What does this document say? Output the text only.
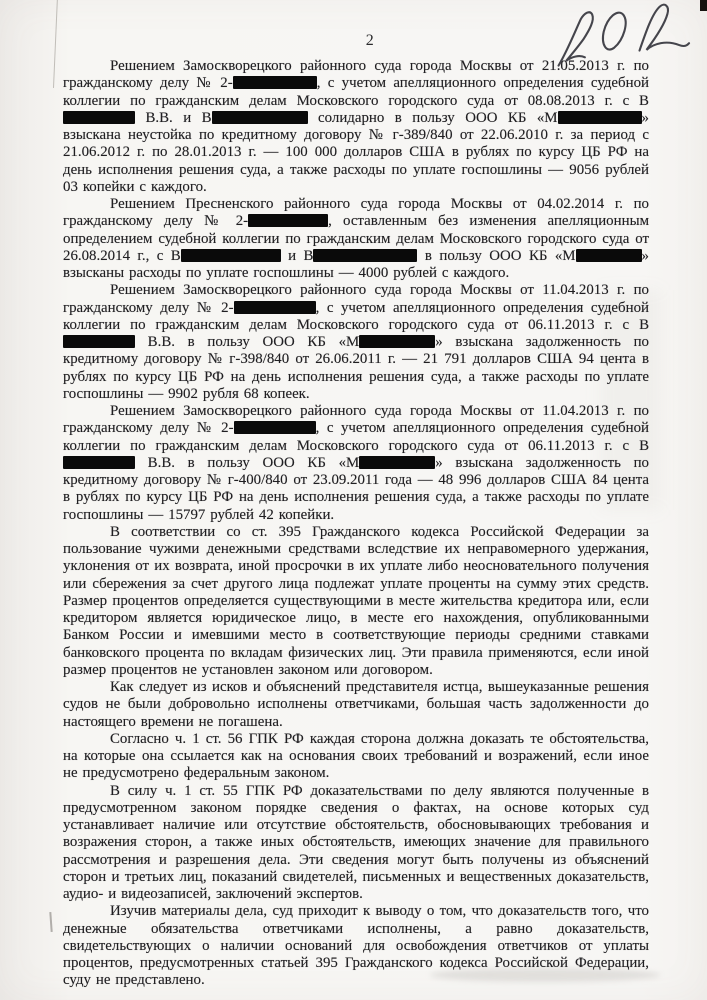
2

Решением Замоскворецкого районного суда города Москвы от 21.05.2013 г. по гражданскому делу № 2-	, с учетом апелляционного определения судебной коллегии по гражданским делам Московского городского суда от 08.08.2013 г. с В В.В. и В	солидарно в пользу ООО КБ «М	» взыскана неустойка по кредитному договору № г-389/840 от 22.06.2010 г. за период с 21.06.2012 г. по 28.01.2013 г. — 100 000 долларов США в рублях по курсу ЦБ РФ на день исполнения решения суда, а также расходы по уплате госпошлины — 9056 рублей 03 копейки с каждого.

Решением Пресненского районного суда города Москвы от 04.02.2014 г. по гражданскому делу № 2-	, оставленным без изменения апелляционным определением судебной коллегии по гражданским делам Московского городского суда от 26.08.2014 г., с В	и В	в пользу ООО КБ «М	» взысканы расходы по уплате госпошлины — 4000 рублей с каждого.

Решением Замоскворецкого районного суда города Москвы от 11.04.2013 г. по гражданскому делу № 2-	, с учетом апелляционного определения судебной коллегии по гражданским делам Московского городского суда от 06.11.2013 г. с В В.В. в пользу ООО КБ «М	» взыскана задолженность по кредитному договору № г-398/840 от 26.06.2011 г. — 21 791 долларов США 94 цента в рублях по курсу ЦБ РФ на день исполнения решения суда, а также расходы по уплате госпошлины — 9902 рубля 68 копеек.

Решением Замоскворецкого районного суда города Москвы от 11.04.2013 г. по гражданскому делу № 2-	, с учетом апелляционного определения судебной коллегии по гражданским делам Московского городского суда от 06.11.2013 г. с В В.В. в пользу ООО КБ «М	» взыскана задолженность по кредитному договору № г-400/840 от 23.09.2011 года — 48 996 долларов США 84 цента в рублях по курсу ЦБ РФ на день исполнения решения суда, а также расходы по уплате госпошлины — 15797 рублей 42 копейки.

В соответствии со ст. 395 Гражданского кодекса Российской Федерации за пользование чужими денежными средствами вследствие их неправомерного удержания, уклонения от их возврата, иной просрочки в их уплате либо неосновательного получения или сбережения за счет другого лица подлежат уплате проценты на сумму этих средств. Размер процентов определяется существующими в месте жительства кредитора или, если кредитором является юридическое лицо, в месте его нахождения, опубликованными Банком России и имевшими место в соответствующие периоды средними ставками банковского процента по вкладам физических лиц. Эти правила применяются, если иной размер процентов не установлен законом или договором.

Как следует из исков и объяснений представителя истца, вышеуказанные решения судов не были добровольно исполнены ответчиками, большая часть задолженности до настоящего времени не погашена.

Согласно ч. 1 ст. 56 ГПК РФ каждая сторона должна доказать те обстоятельства, на которые она ссылается как на основания своих требований и возражений, если иное не предусмотрено федеральным законом.

В силу ч. 1 ст. 55 ГПК РФ доказательствами по делу являются полученные в предусмотренном законом порядке сведения о фактах, на основе которых суд устанавливает наличие или отсутствие обстоятельств, обосновывающих требования и возражения сторон, а также иных обстоятельств, имеющих значение для правильного рассмотрения и разрешения дела. Эти сведения могут быть получены из объяснений сторон и третьих лиц, показаний свидетелей, письменных и вещественных доказательств, аудио- и видеозаписей, заключений экспертов.

Изучив материалы дела, суд приходит к выводу о том, что доказательств того, что денежные обязательства ответчиками исполнены, а равно доказательств, свидетельствующих о наличии оснований для освобождения ответчиков от уплаты процентов, предусмотренных статьей 395 Гражданского кодекса Российской Федерации, суду не представлено.
